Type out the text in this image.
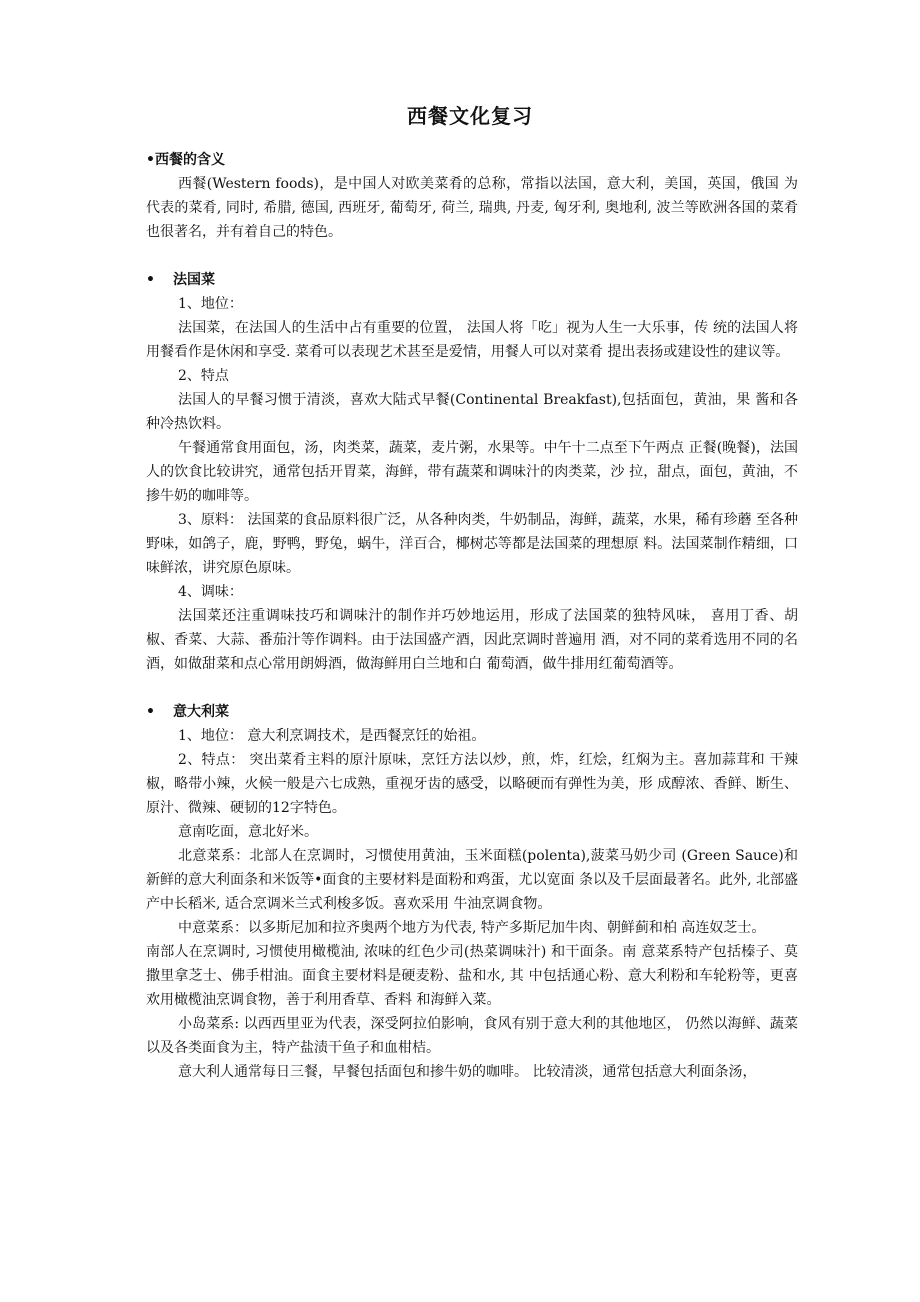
西餐文化复习
•西餐的含义

西餐(Western foods)，是中国人对欧美菜肴的总称，常指以法国，意大利，美国，英国，俄国 为代表的菜肴, 同时, 希腊, 德国, 西班牙, 葡萄牙, 荷兰, 瑞典, 丹麦, 匈牙利, 奥地利, 波兰等欧洲各国的菜肴也很著名，并有着自己的特色。

• 法国菜

1、地位：

法国菜，在法国人的生活中占有重要的位置， 法国人将「吃」视为人生一大乐事，传 统的法国人将用餐看作是休闲和享受. 菜肴可以表现艺术甚至是爱情，用餐人可以对菜肴 提出表扬或建设性的建议等。

2、特点

法国人的早餐习惯于清淡，喜欢大陆式早餐(Continental Breakfast),包括面包，黄油，果 酱和各种冷热饮料。

午餐通常食用面包，汤，肉类菜，蔬菜，麦片粥，水果等。中午十二点至下午两点 正餐(晚餐)，法国人的饮食比较讲究，通常包括开胃菜，海鲜，带有蔬菜和调味汁的肉类菜，沙 拉，甜点，面包，黄油，不掺牛奶的咖啡等。

3、原料： 法国菜的食品原料很广泛，从各种肉类，牛奶制品，海鲜，蔬菜，水果，稀有珍蘑 至各种野味，如鸽子，鹿，野鸭，野兔，蜗牛，洋百合，椰树芯等都是法国菜的理想原 料。法国菜制作精细，口味鲜浓，讲究原色原味。

4、调味：

法国菜还注重调味技巧和调味汁的制作并巧妙地运用，形成了法国菜的独特风味， 喜用丁香、胡椒、香菜、大蒜、番茄汁等作调料。由于法国盛产酒，因此烹调时普遍用 酒，对不同的菜肴选用不同的名酒，如做甜菜和点心常用朗姆酒，做海鲜用白兰地和白 葡萄酒，做牛排用红葡萄酒等。

• 意大利菜

1、地位： 意大利烹调技术，是西餐烹饪的始祖。

2、特点： 突出菜肴主料的原汁原味，烹饪方法以炒，煎，炸，红烩，红焖为主。喜加蒜茸和 干辣椒，略带小辣，火候一般是六七成熟，重视牙齿的感受，以略硬而有弹性为美，形 成醇浓、香鲜、断生、原汁、微辣、硬韧的12字特色。

意南吃面，意北好米。

北意菜系：北部人在烹调时，习惯使用黄油，玉米面糕(polenta),菠菜马奶少司 (Green Sauce)和新鲜的意大利面条和米饭等•面食的主要材料是面粉和鸡蛋，尤以宽面 条以及千层面最著名。此外, 北部盛产中长稻米, 适合烹调米兰式利梭多饭。喜欢采用 牛油烹调食物。

中意菜系：以多斯尼加和拉齐奥两个地方为代表, 特产多斯尼加牛肉、朝鲜蓟和柏 高连奴芝士。

南部人在烹调时, 习惯使用橄榄油, 浓味的红色少司(热菜调味汁) 和干面条。南 意菜系特产包括榛子、莫撒里拿芝士、佛手柑油。面食主要材料是硬麦粉、盐和水, 其 中包括通心粉、意大利粉和车轮粉等，更喜欢用橄榄油烹调食物，善于利用香草、香料 和海鲜入菜。

小岛菜系: 以西西里亚为代表，深受阿拉伯影响，食风有别于意大利的其他地区， 仍然以海鲜、蔬菜以及各类面食为主，特产盐渍干鱼子和血柑桔。

意大利人通常每日三餐，早餐包括面包和掺牛奶的咖啡。 比较清淡，通常包括意大利面条汤，
